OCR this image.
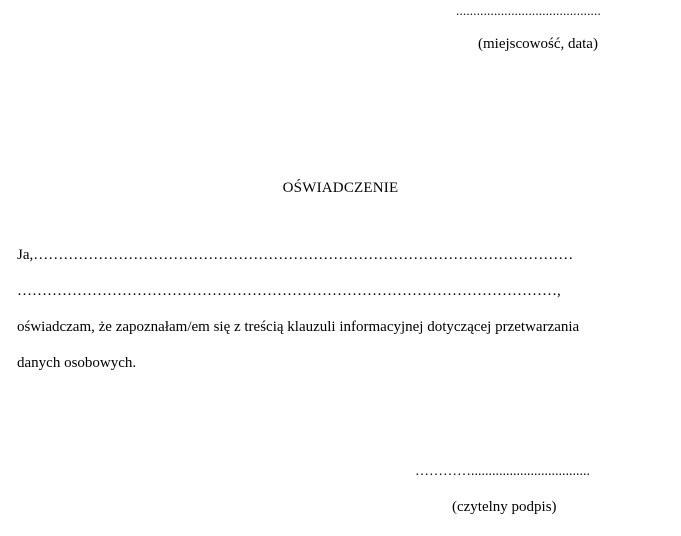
..........................................
(miejscowość, data)
OŚWIADCZENIE
Ja,………………………………………………………………………………………………
………………………………………………………………………………………………,
oświadczam, że zapoznałam/em się z treścią klauzuli informacyjnej dotyczącej przetwarzania
danych osobowych.
…………..................................
(czytelny podpis)
